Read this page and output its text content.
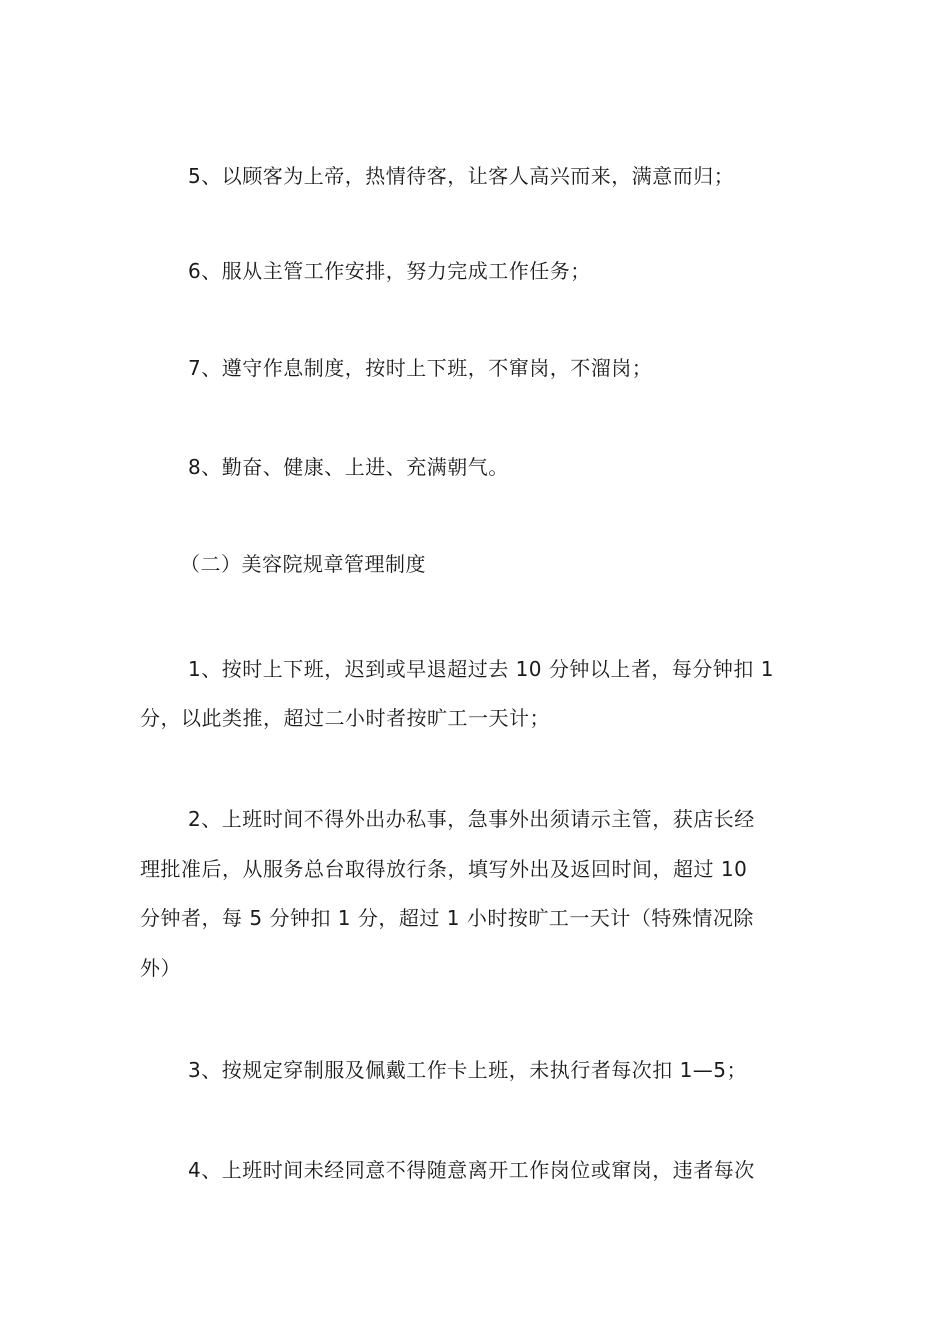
5、以顾客为上帝，热情待客，让客人高兴而来，满意而归；
6、服从主管工作安排，努力完成工作任务；
7、遵守作息制度，按时上下班，不窜岗，不溜岗；
8、勤奋、健康、上进、充满朝气。
（二）美容院规章管理制度
1、按时上下班，迟到或早退超过去 10 分钟以上者，每分钟扣 1
分，以此类推，超过二小时者按旷工一天计；
2、上班时间不得外出办私事，急事外出须请示主管，获店长经
理批准后，从服务总台取得放行条，填写外出及返回时间，超过 10
分钟者，每 5 分钟扣 1 分，超过 1 小时按旷工一天计（特殊情况除
外）
3、按规定穿制服及佩戴工作卡上班，未执行者每次扣 1—5；
4、上班时间未经同意不得随意离开工作岗位或窜岗，违者每次
